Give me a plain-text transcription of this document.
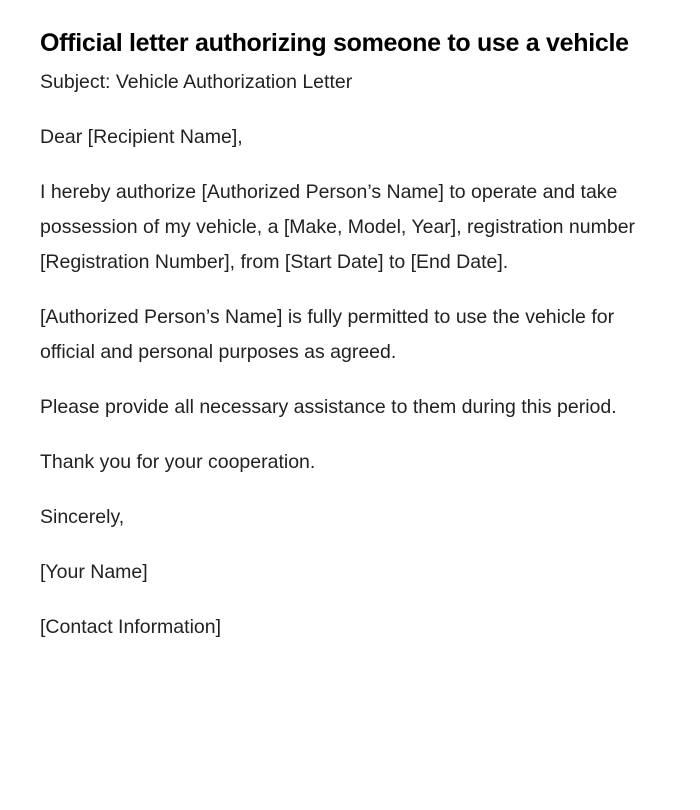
Official letter authorizing someone to use a vehicle

Subject: Vehicle Authorization Letter

Dear [Recipient Name],

I hereby authorize [Authorized Person’s Name] to operate and take possession of my vehicle, a [Make, Model, Year], registration number [Registration Number], from [Start Date] to [End Date].

[Authorized Person’s Name] is fully permitted to use the vehicle for official and personal purposes as agreed.

Please provide all necessary assistance to them during this period.

Thank you for your cooperation.

Sincerely,

[Your Name]

[Contact Information]
